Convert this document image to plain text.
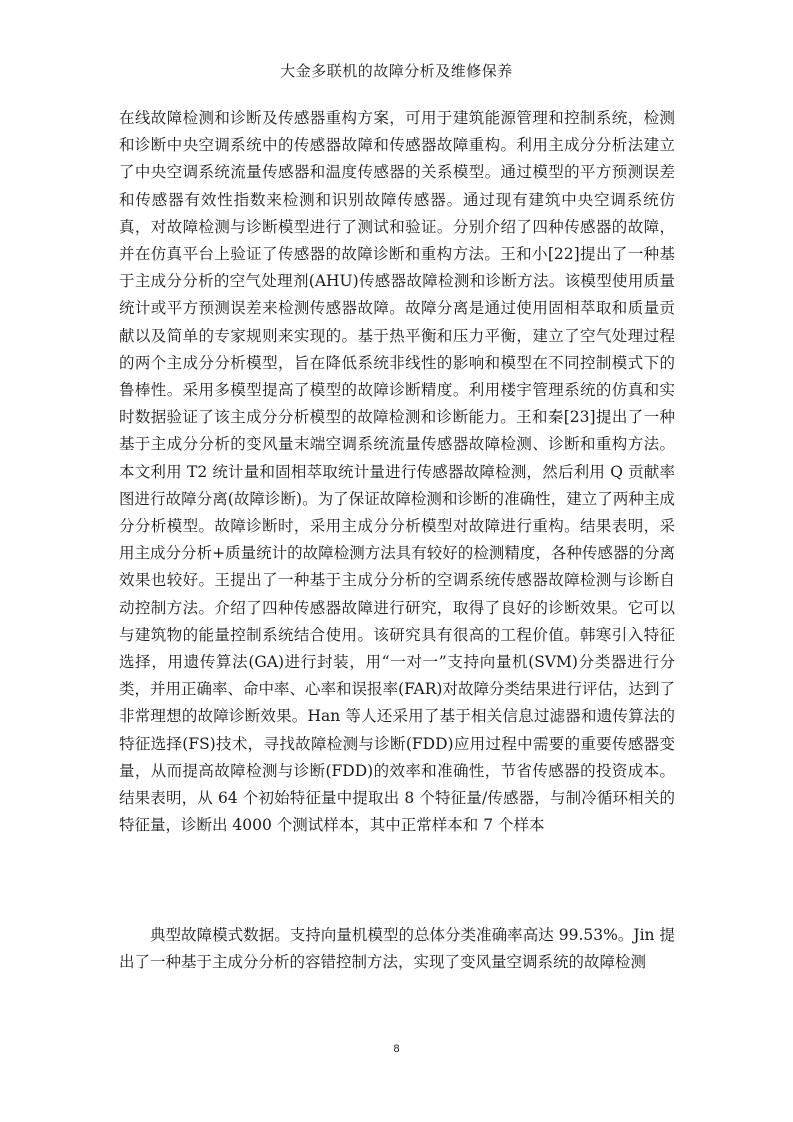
大金多联机的故障分析及维修保养

在线故障检测和诊断及传感器重构方案，可用于建筑能源管理和控制系统，检测和诊断中央空调系统中的传感器故障和传感器故障重构。利用主成分分析法建立了中央空调系统流量传感器和温度传感器的关系模型。通过模型的平方预测误差和传感器有效性指数来检测和识别故障传感器。通过现有建筑中央空调系统仿真，对故障检测与诊断模型进行了测试和验证。分别介绍了四种传感器的故障，并在仿真平台上验证了传感器的故障诊断和重构方法。王和小[22]提出了一种基于主成分分析的空气处理剂(AHU)传感器故障检测和诊断方法。该模型使用质量统计或平方预测误差来检测传感器故障。故障分离是通过使用固相萃取和质量贡献以及简单的专家规则来实现的。基于热平衡和压力平衡，建立了空气处理过程的两个主成分分析模型，旨在降低系统非线性的影响和模型在不同控制模式下的鲁棒性。采用多模型提高了模型的故障诊断精度。利用楼宇管理系统的仿真和实时数据验证了该主成分分析模型的故障检测和诊断能力。王和秦[23]提出了一种基于主成分分析的变风量末端空调系统流量传感器故障检测、诊断和重构方法。本文利用 T2 统计量和固相萃取统计量进行传感器故障检测，然后利用 Q 贡献率图进行故障分离(故障诊断)。为了保证故障检测和诊断的准确性，建立了两种主成分分析模型。故障诊断时，采用主成分分析模型对故障进行重构。结果表明，采用主成分分析+质量统计的故障检测方法具有较好的检测精度，各种传感器的分离效果也较好。王提出了一种基于主成分分析的空调系统传感器故障检测与诊断自动控制方法。介绍了四种传感器故障进行研究，取得了良好的诊断效果。它可以与建筑物的能量控制系统结合使用。该研究具有很高的工程价值。韩寒引入特征选择，用遗传算法(GA)进行封装，用“一对一”支持向量机(SVM)分类器进行分类，并用正确率、命中率、心率和误报率(FAR)对故障分类结果进行评估，达到了非常理想的故障诊断效果。Han 等人还采用了基于相关信息过滤器和遗传算法的特征选择(FS)技术，寻找故障检测与诊断(FDD)应用过程中需要的重要传感器变量，从而提高故障检测与诊断(FDD)的效率和准确性，节省传感器的投资成本。结果表明，从 64 个初始特征量中提取出 8 个特征量/传感器，与制冷循环相关的特征量，诊断出 4000 个测试样本，其中正常样本和 7 个样本

典型故障模式数据。支持向量机模型的总体分类准确率高达 99.53%。Jin 提出了一种基于主成分分析的容错控制方法，实现了变风量空调系统的故障检测

8
